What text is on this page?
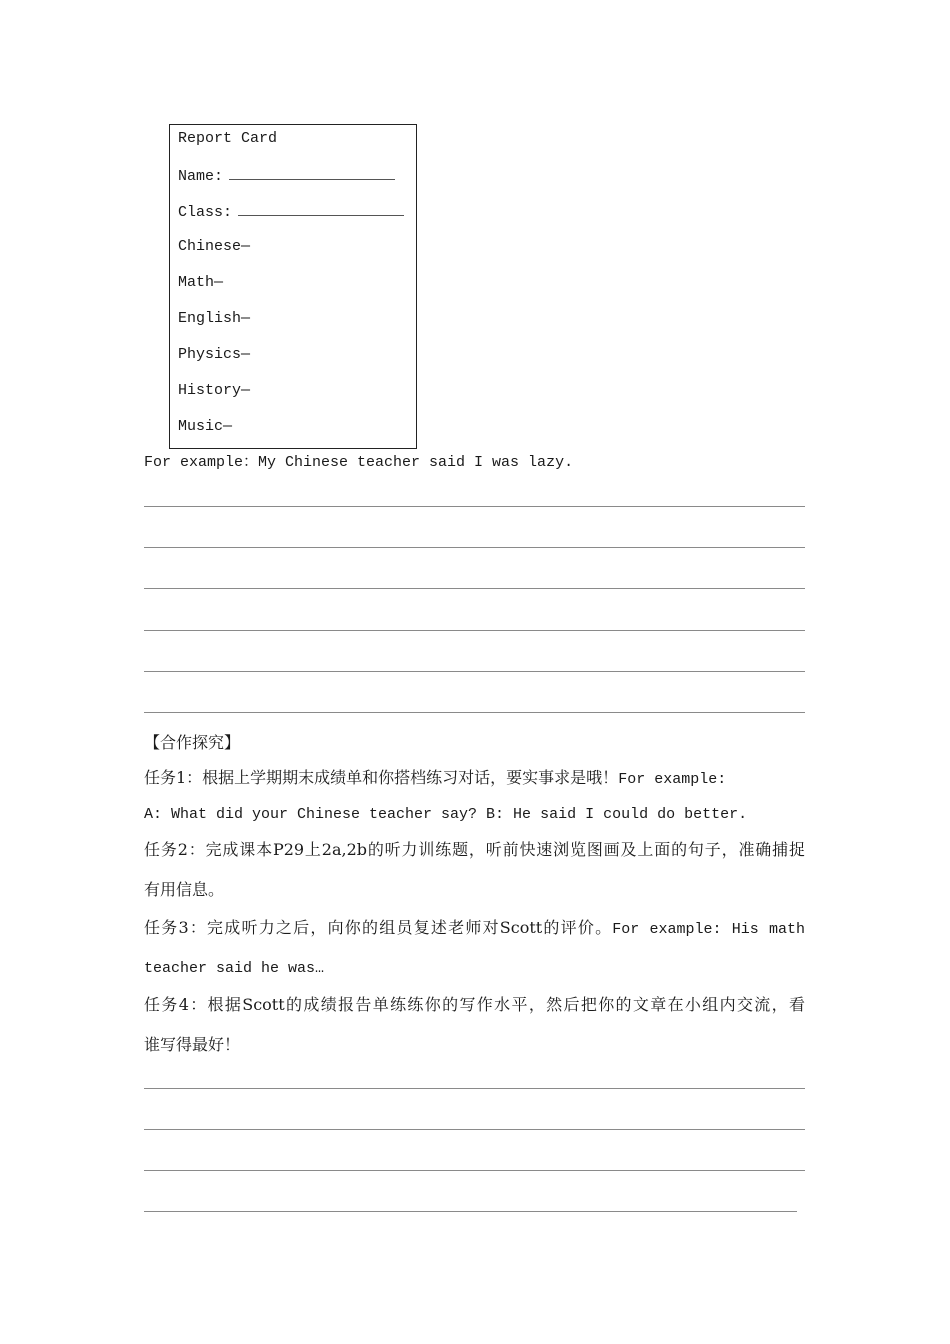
Report Card
Name:
Class:
Chinese—
Math—
English—
Physics—
History—
Music—
For example：My Chinese teacher said I was lazy.
【合作探究】
任务1：根据上学期期末成绩单和你搭档练习对话，要实事求是哦！For example:
A: What did your Chinese teacher say? B: He said I could do better.
任务2：完成课本P29上2a,2b的听力训练题，听前快速浏览图画及上面的句子，准确捕捉
有用信息。
任务3：完成听力之后，向你的组员复述老师对Scott的评价。For example: His math
teacher said he was…
任务4：根据Scott的成绩报告单练练你的写作水平，然后把你的文章在小组内交流，看
谁写得最好！
